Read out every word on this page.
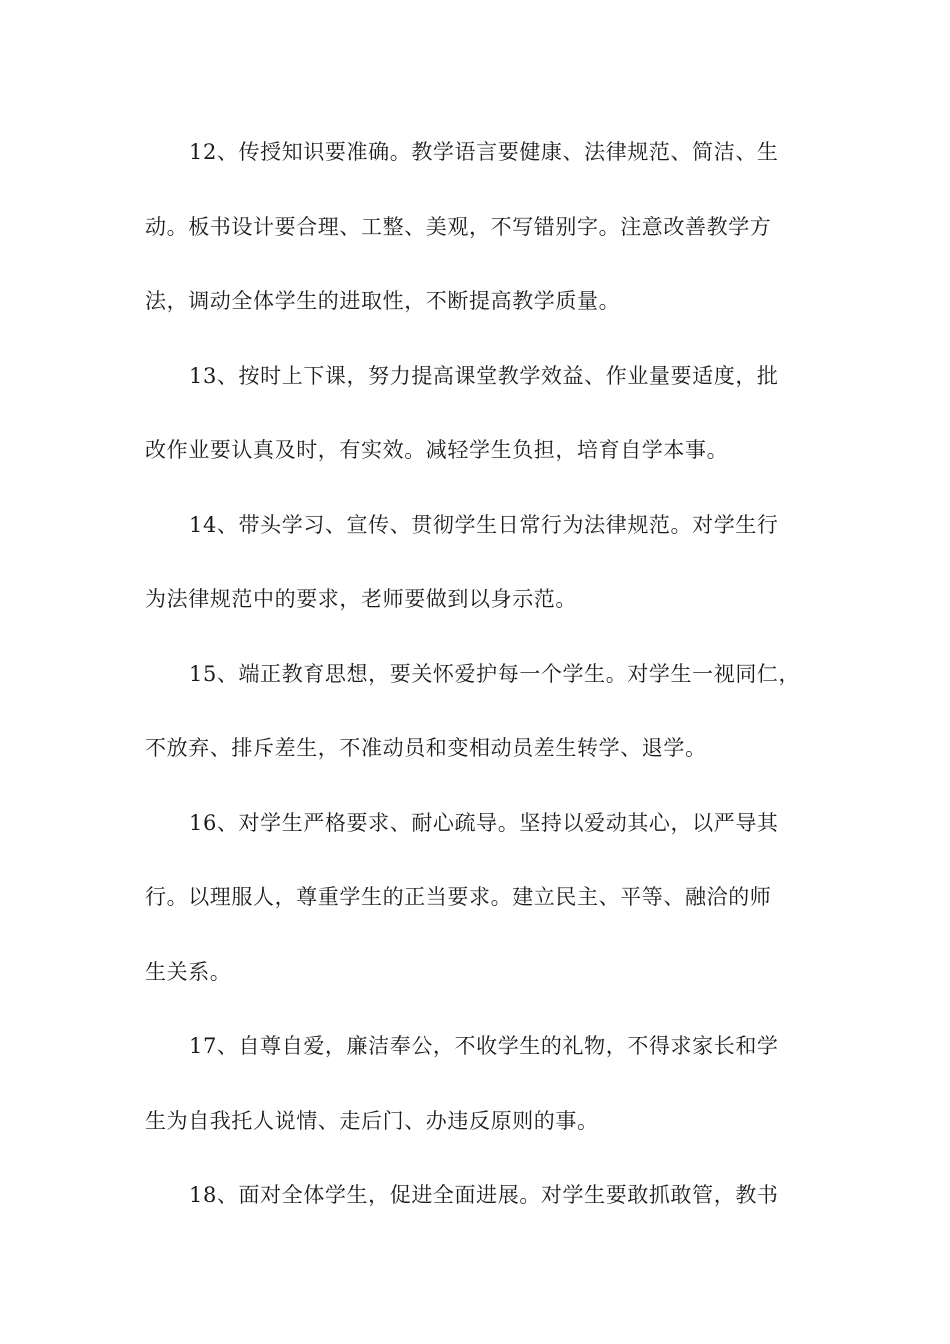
12、传授知识要准确。教学语言要健康、法律规范、简洁、生
动。板书设计要合理、工整、美观，不写错别字。注意改善教学方
法，调动全体学生的进取性，不断提高教学质量。
13、按时上下课，努力提高课堂教学效益、作业量要适度，批
改作业要认真及时，有实效。减轻学生负担，培育自学本事。
14、带头学习、宣传、贯彻学生日常行为法律规范。对学生行
为法律规范中的要求，老师要做到以身示范。
15、端正教育思想，要关怀爱护每一个学生。对学生一视同仁，
不放弃、排斥差生，不准动员和变相动员差生转学、退学。
16、对学生严格要求、耐心疏导。坚持以爱动其心，以严导其
行。以理服人，尊重学生的正当要求。建立民主、平等、融洽的师
生关系。
17、自尊自爱，廉洁奉公，不收学生的礼物，不得求家长和学
生为自我托人说情、走后门、办违反原则的事。
18、面对全体学生，促进全面进展。对学生要敢抓敢管，教书
